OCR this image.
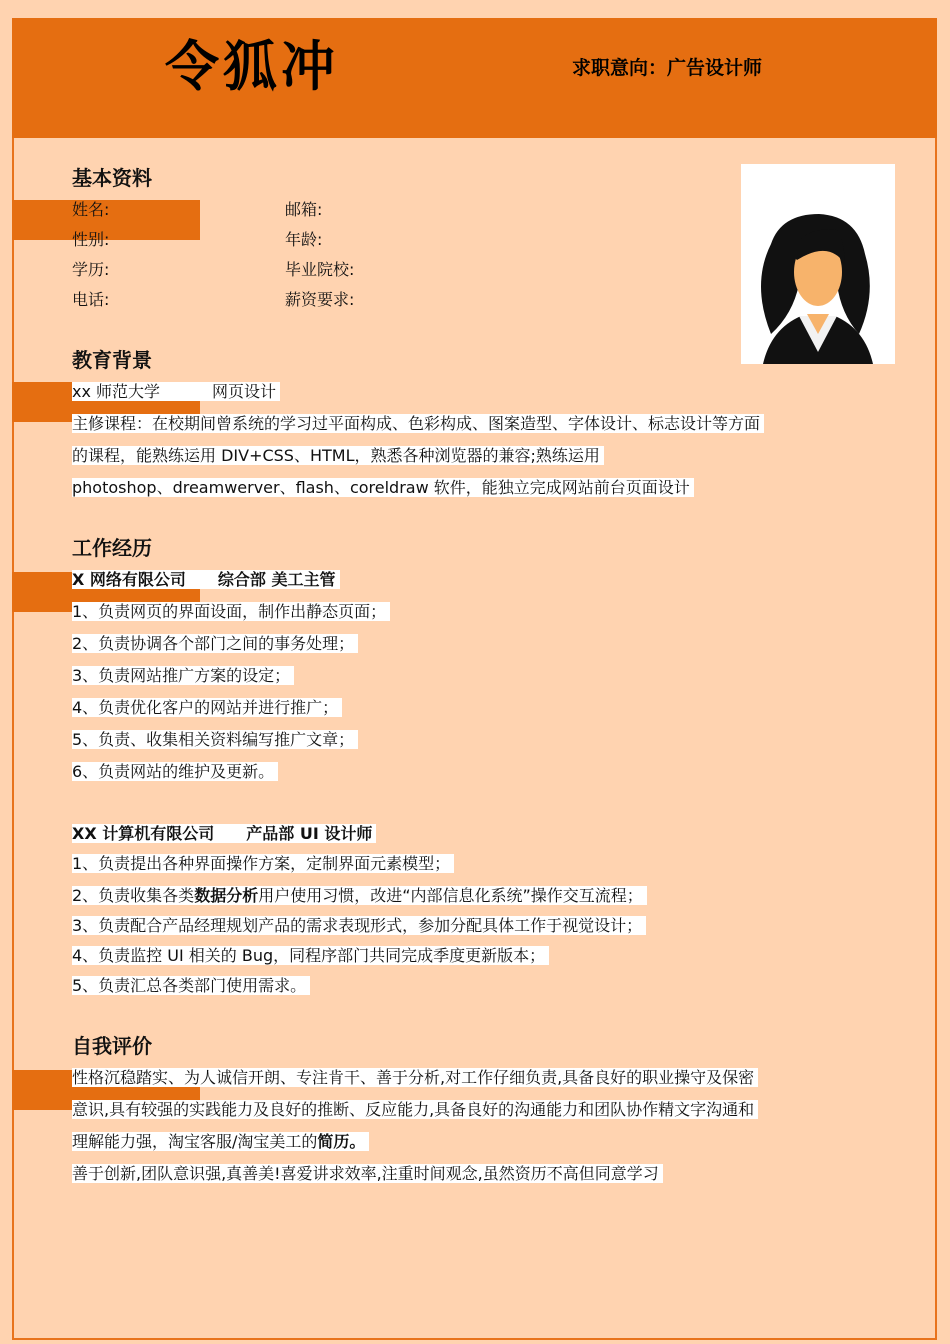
令狐冲	求职意向：广告设计师
基本资料
姓名:	邮箱:
性别:	年龄:
学历:	毕业院校:
电话:	薪资要求:
教育背景
xx 师范大学	网页设计
主修课程：在校期间曾系统的学习过平面构成、色彩构成、图案造型、字体设计、标志设计等方面
的课程，能熟练运用 DIV+CSS、HTML，熟悉各种浏览器的兼容;熟练运用
photoshop、dreamwerver、flash、coreldraw 软件，能独立完成网站前台页面设计
工作经历
X 网络有限公司 综合部 美工主管
1、负责网页的界面设面，制作出静态页面；
2、负责协调各个部门之间的事务处理；
3、负责网站推广方案的设定；
4、负责优化客户的网站并进行推广；
5、负责、收集相关资料编写推广文章；
6、负责网站的维护及更新。
XX 计算机有限公司 产品部 UI 设计师
1、负责提出各种界面操作方案，定制界面元素模型；
2、负责收集各类数据分析用户使用习惯，改进“内部信息化系统”操作交互流程；
3、负责配合产品经理规划产品的需求表现形式，参加分配具体工作于视觉设计；
4、负责监控 UI 相关的 Bug，同程序部门共同完成季度更新版本；
5、负责汇总各类部门使用需求。
自我评价
性格沉稳踏实、为人诚信开朗、专注肯干、善于分析,对工作仔细负责,具备良好的职业操守及保密
意识,具有较强的实践能力及良好的推断、反应能力,具备良好的沟通能力和团队协作精文字沟通和
理解能力强，淘宝客服/淘宝美工的简历。
善于创新,团队意识强,真善美!喜爱讲求效率,注重时间观念,虽然资历不高但同意学习
